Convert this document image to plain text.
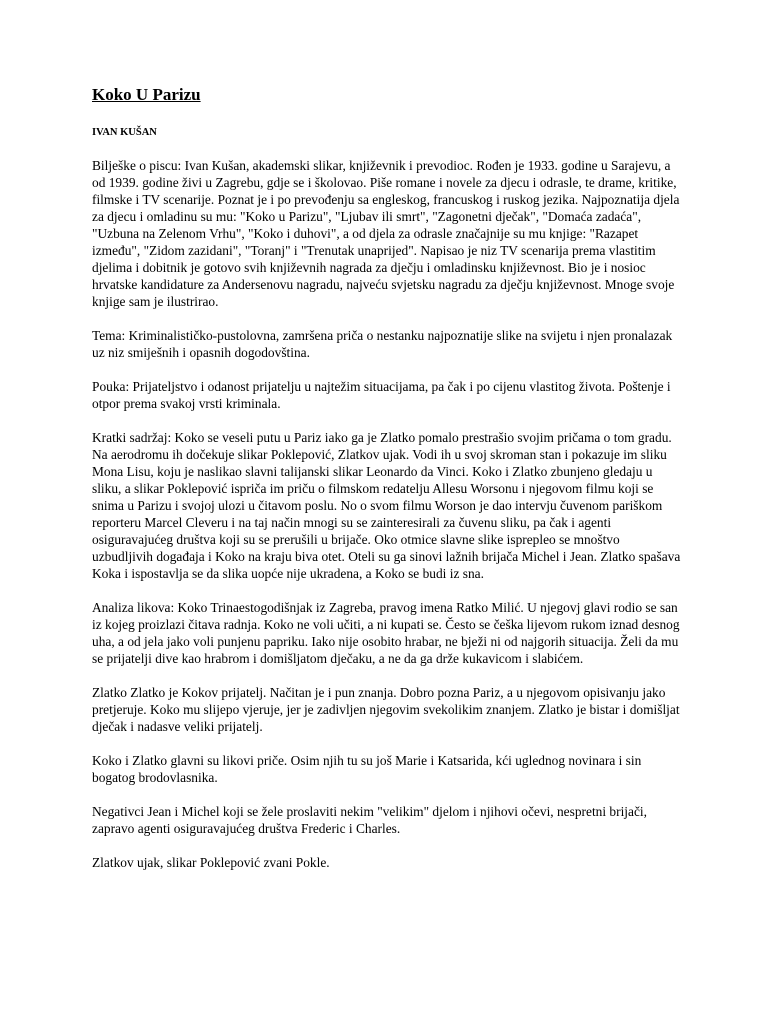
Koko U Parizu
IVAN KUŠAN

Bilješke o piscu: Ivan Kušan, akademski slikar, književnik i prevodioc. Rođen je 1933. godine u Sarajevu, a od 1939. godine živi u Zagrebu, gdje se i školovao. Piše romane i novele za djecu i odrasle, te drame, kritike, filmske i TV scenarije. Poznat je i po prevođenju sa engleskog, francuskog i ruskog jezika. Najpoznatija djela za djecu i omladinu su mu: "Koko u Parizu", "Ljubav ili smrt", "Zagonetni dječak", "Domaća zadaća", "Uzbuna na Zelenom Vrhu", "Koko i duhovi", a od djela za odrasle značajnije su mu knjige: "Razapet između", "Zidom zazidani", "Toranj" i "Trenutak unaprijed". Napisao je niz TV scenarija prema vlastitim djelima i dobitnik je gotovo svih književnih nagrada za dječju i omladinsku književnost. Bio je i nosioc hrvatske kandidature za Andersenovu nagradu, najveću svjetsku nagradu za dječju književnost. Mnoge svoje knjige sam je ilustrirao.

Tema: Kriminalističko-pustolovna, zamršena priča o nestanku najpoznatije slike na svijetu i njen pronalazak uz niz smiješnih i opasnih dogodovština.

Pouka: Prijateljstvo i odanost prijatelju u najtežim situacijama, pa čak i po cijenu vlastitog života. Poštenje i otpor prema svakoj vrsti kriminala.

Kratki sadržaj: Koko se veseli putu u Pariz iako ga je Zlatko pomalo prestrašio svojim pričama o tom gradu. Na aerodromu ih dočekuje slikar Poklepović, Zlatkov ujak. Vodi ih u svoj skroman stan i pokazuje im sliku Mona Lisu, koju je naslikao slavni talijanski slikar Leonardo da Vinci. Koko i Zlatko zbunjeno gledaju u sliku, a slikar Poklepović ispriča im priču o filmskom redatelju Allesu Worsonu i njegovom filmu koji se snima u Parizu i svojoj ulozi u čitavom poslu. No o svom filmu Worson je dao intervju čuvenom pariškom reporteru Marcel Cleveru i na taj način mnogi su se zainteresirali za čuvenu sliku, pa čak i agenti osiguravajućeg društva koji su se prerušili u brijače. Oko otmice slavne slike isprepleo se mnoštvo uzbudljivih događaja i Koko na kraju biva otet. Oteli su ga sinovi lažnih brijača Michel i Jean. Zlatko spašava Koka i ispostavlja se da slika uopće nije ukradena, a Koko se budi iz sna.

Analiza likova: Koko Trinaestogodišnjak iz Zagreba, pravog imena Ratko Milić. U njegovj glavi rodio se san iz kojeg proizlazi čitava radnja. Koko ne voli učiti, a ni kupati se. Često se češka lijevom rukom iznad desnog uha, a od jela jako voli punjenu papriku. Iako nije osobito hrabar, ne bježi ni od najgorih situacija. Želi da mu se prijatelji dive kao hrabrom i domišljatom dječaku, a ne da ga drže kukavicom i slabićem.

Zlatko Zlatko je Kokov prijatelj. Načitan je i pun znanja. Dobro pozna Pariz, a u njegovom opisivanju jako pretjeruje. Koko mu slijepo vjeruje, jer je zadivljen njegovim svekolikim znanjem. Zlatko je bistar i domišljat dječak i nadasve veliki prijatelj.

Koko i Zlatko glavni su likovi priče. Osim njih tu su još Marie i Katsarida, kći uglednog novinara i sin bogatog brodovlasnika.

Negativci Jean i Michel koji se žele proslaviti nekim "velikim" djelom i njihovi očevi, nespretni brijači, zapravo agenti osiguravajućeg društva Frederic i Charles.

Zlatkov ujak, slikar Poklepović zvani Pokle.
